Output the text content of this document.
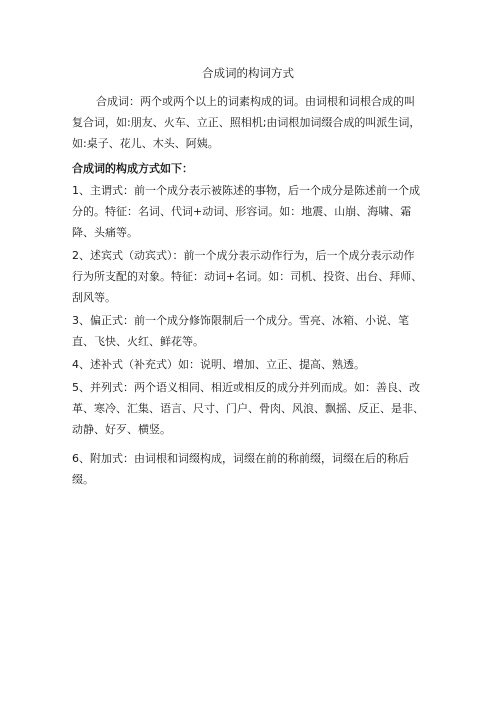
合成词的构词方式

合成词：两个或两个以上的词素构成的词。由词根和词根合成的叫复合词，如:朋友、火车、立正、照相机;由词根加词缀合成的叫派生词，如:桌子、花儿、木头、阿姨。

合成词的构成方式如下：

1、主谓式：前一个成分表示被陈述的事物，后一个成分是陈述前一个成分的。特征：名词、代词+动词、形容词。如：地震、山崩、海啸、霜降、头痛等。

2、述宾式（动宾式）：前一个成分表示动作行为，后一个成分表示动作行为所支配的对象。特征：动词+名词。如：司机、投资、出台、拜师、刮风等。

3、偏正式：前一个成分修饰限制后一个成分。雪亮、冰箱、小说、笔直、飞快、火红、鲜花等。

4、述补式（补充式）如：说明、增加、立正、提高、熟透。

5、并列式：两个语义相同、相近或相反的成分并列而成。如：善良、改革、寒冷、汇集、语言、尺寸、门户、骨肉、风浪、飘摇、反正、是非、动静、好歹、横竖。

6、附加式：由词根和词缀构成，词缀在前的称前缀，词缀在后的称后缀。
